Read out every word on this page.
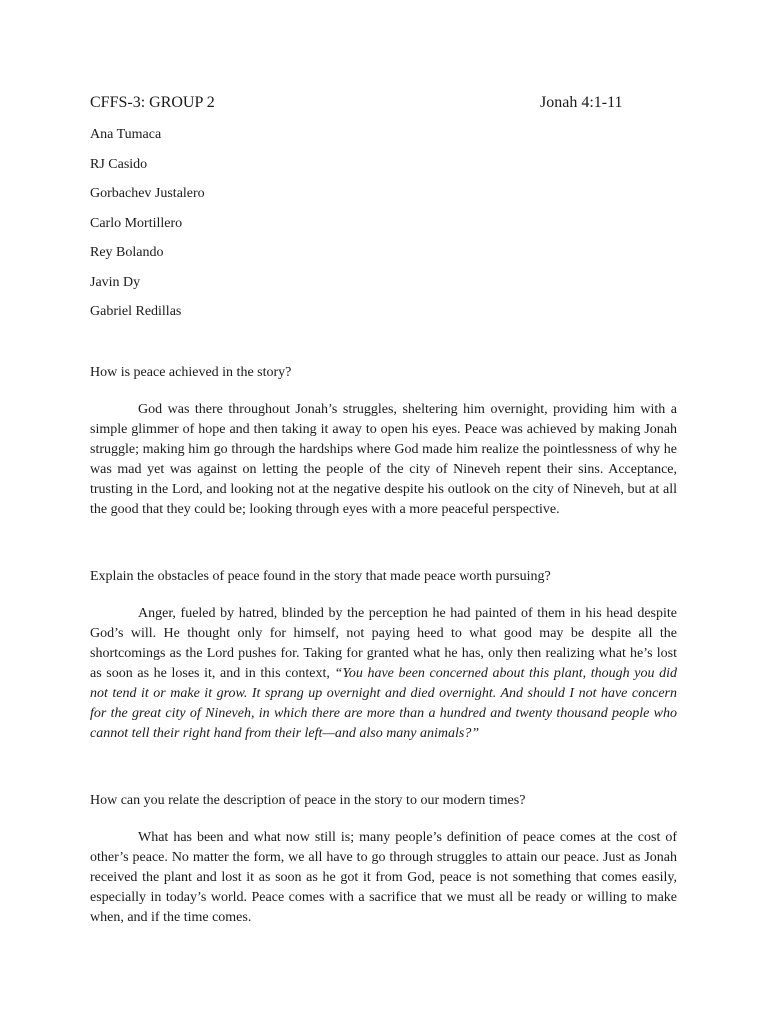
CFFS-3: GROUP 2	Jonah 4:1-11
Ana Tumaca
RJ Casido
Gorbachev Justalero
Carlo Mortillero
Rey Bolando
Javin Dy
Gabriel Redillas

How is peace achieved in the story?

God was there throughout Jonah’s struggles, sheltering him overnight, providing him with a simple glimmer of hope and then taking it away to open his eyes. Peace was achieved by making Jonah struggle; making him go through the hardships where God made him realize the pointlessness of why he was mad yet was against on letting the people of the city of Nineveh repent their sins. Acceptance, trusting in the Lord, and looking not at the negative despite his outlook on the city of Nineveh, but at all the good that they could be; looking through eyes with a more peaceful perspective.

Explain the obstacles of peace found in the story that made peace worth pursuing?

Anger, fueled by hatred, blinded by the perception he had painted of them in his head despite God’s will. He thought only for himself, not paying heed to what good may be despite all the shortcomings as the Lord pushes for. Taking for granted what he has, only then realizing what he’s lost as soon as he loses it, and in this context, “You have been concerned about this plant, though you did not tend it or make it grow. It sprang up overnight and died overnight. And should I not have concern for the great city of Nineveh, in which there are more than a hundred and twenty thousand people who cannot tell their right hand from their left—and also many animals?”

How can you relate the description of peace in the story to our modern times?

What has been and what now still is; many people’s definition of peace comes at the cost of other’s peace. No matter the form, we all have to go through struggles to attain our peace. Just as Jonah received the plant and lost it as soon as he got it from God, peace is not something that comes easily, especially in today’s world. Peace comes with a sacrifice that we must all be ready or willing to make when, and if the time comes.
